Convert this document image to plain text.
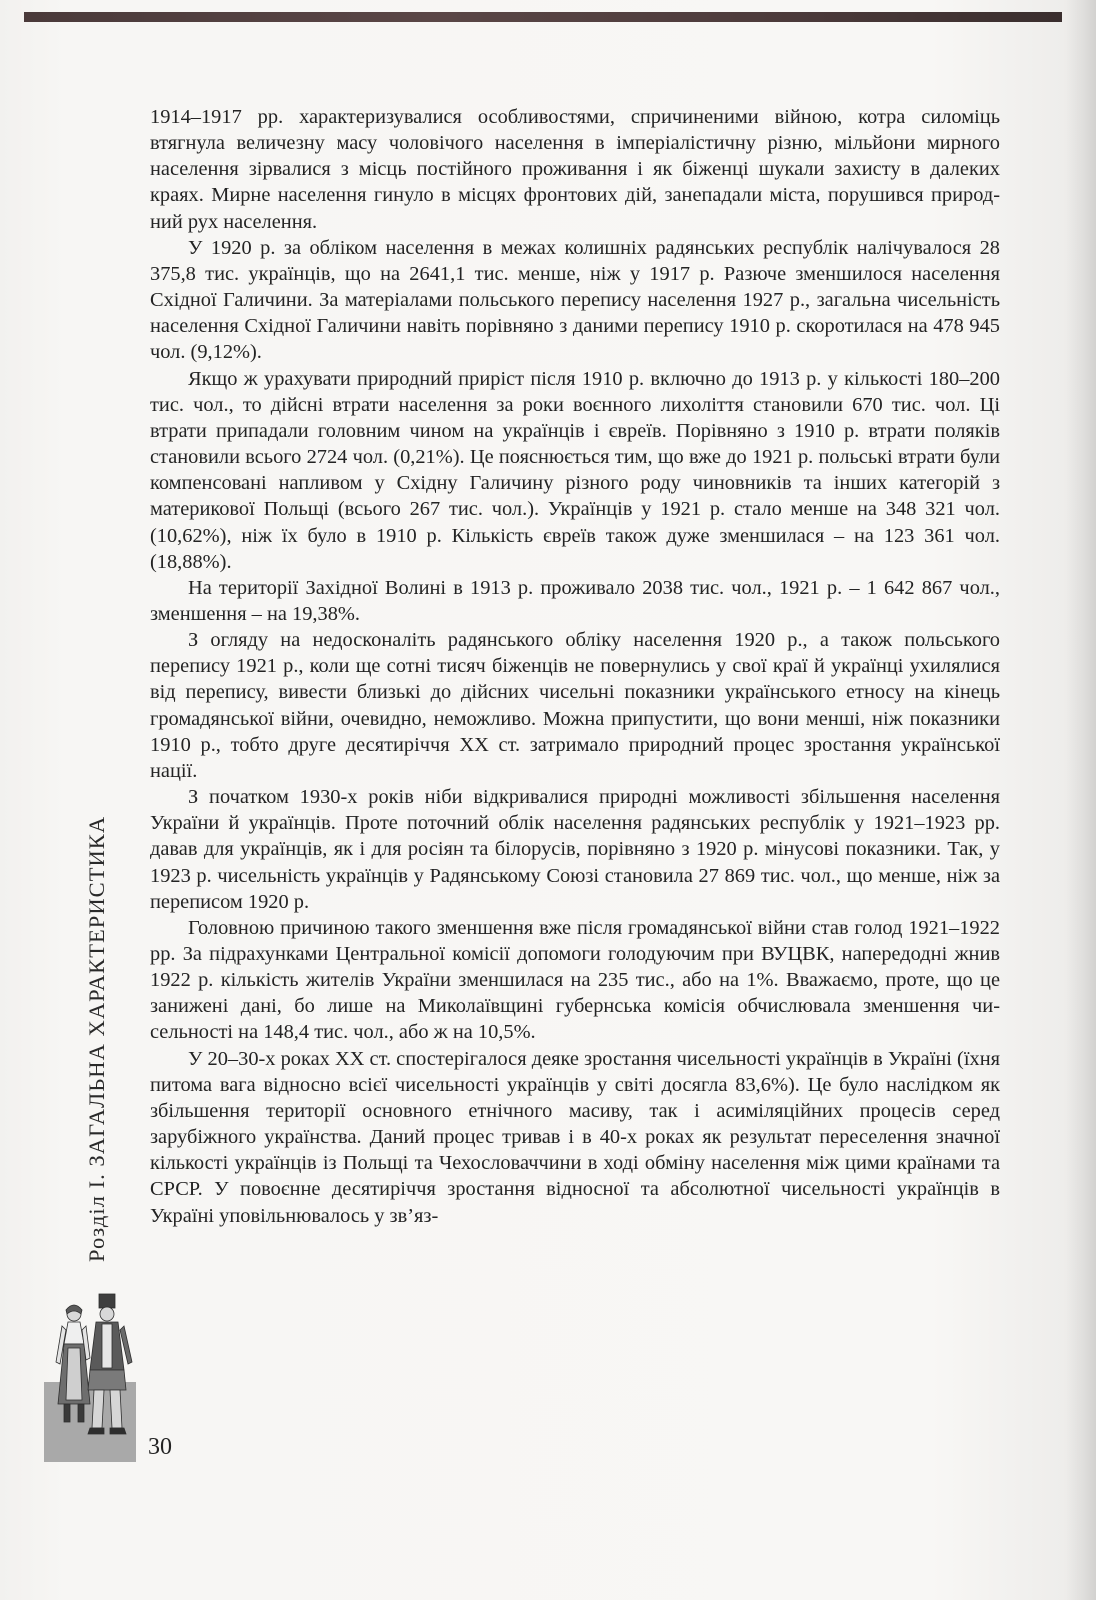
1914–1917 рр. характеризувалися особливостями, спричиненими війною, котра силоміць втягнула величезну масу чоловічого населення в імперіалістичну різню, мільйони мирного населення зірвалися з місць постійного проживання і як біженці шукали захисту в далеких краях. Мирне населення гинуло в місцях фронтових дій, занепадали міста, порушився природний рух населення.

У 1920 р. за обліком населення в межах колишніх радянських республік налічувалося 28 375,8 тис. українців, що на 2641,1 тис. менше, ніж у 1917 р. Разюче зменшилося населення Східної Галичини. За матеріалами польського перепису населення 1927 р., загальна чисельність населення Східної Галичини навіть порівняно з даними перепису 1910 р. скоротилася на 478 945 чол. (9,12%).

Якщо ж урахувати природний приріст після 1910 р. включно до 1913 р. у кількості 180–200 тис. чол., то дійсні втрати населення за роки воєнного лихоліття становили 670 тис. чол. Ці втрати припадали головним чином на українців і євреїв. Порівняно з 1910 р. втрати поляків становили всього 2724 чол. (0,21%). Це пояснюється тим, що вже до 1921 р. польські втрати були компенсовані напливом у Східну Галичину різного роду чиновників та інших категорій з материкової Польщі (всього 267 тис. чол.). Українців у 1921 р. стало менше на 348 321 чол. (10,62%), ніж їх було в 1910 р. Кількість євреїв також дуже зменшилася – на 123 361 чол. (18,88%).

На території Західної Волині в 1913 р. проживало 2038 тис. чол., 1921 р. – 1 642 867 чол., зменшення – на 19,38%.

З огляду на недосконаліть радянського обліку населення 1920 р., а також польського перепису 1921 р., коли ще сотні тисяч біженців не повернулись у свої краї й українці ухилялися від перепису, вивести близькі до дійсних чисельні показники українського етносу на кінець громадянської війни, очевидно, неможливо. Можна припустити, що вони менші, ніж показники 1910 р., тобто друге десятиріччя XX ст. затримало природний процес зростання української нації.

З початком 1930-х років ніби відкривалися природні можливості збільшення населення України й українців. Проте поточний облік населення радянських республік у 1921–1923 рр. давав для українців, як і для росіян та білорусів, порівняно з 1920 р. мінусові показники. Так, у 1923 р. чисельність українців у Радянському Союзі становила 27 869 тис. чол., що менше, ніж за переписом 1920 р.

Головною причиною такого зменшення вже після громадянської війни став голод 1921–1922 рр. За підрахунками Центральної комісії допомоги голодуючим при ВУЦВК, напередодні жнив 1922 р. кількість жителів України зменшилася на 235 тис., або на 1%. Вважаємо, проте, що це занижені дані, бо лише на Миколаївщині губернська комісія обчислювала зменшення чисельності на 148,4 тис. чол., або ж на 10,5%.

У 20–30-х роках XX ст. спостерігалося деяке зростання чисельності українців в Україні (їхня питома вага відносно всієї чисельності українців у світі досягла 83,6%). Це було наслідком як збільшення території основного етнічного масиву, так і асиміляційних процесів серед зарубіжного українства. Даний процес тривав і в 40-х роках як результат переселення значної кількості українців із Польщі та Чехословаччини в ході обміну населення між цими країнами та СРСР. У повоєнне десятиріччя зростання відносної та абсолютної чисельності українців в Україні уповільнювалось у зв’яз-

Розділ I. ЗАГАЛЬНА ХАРАКТЕРИСТИКА
30
